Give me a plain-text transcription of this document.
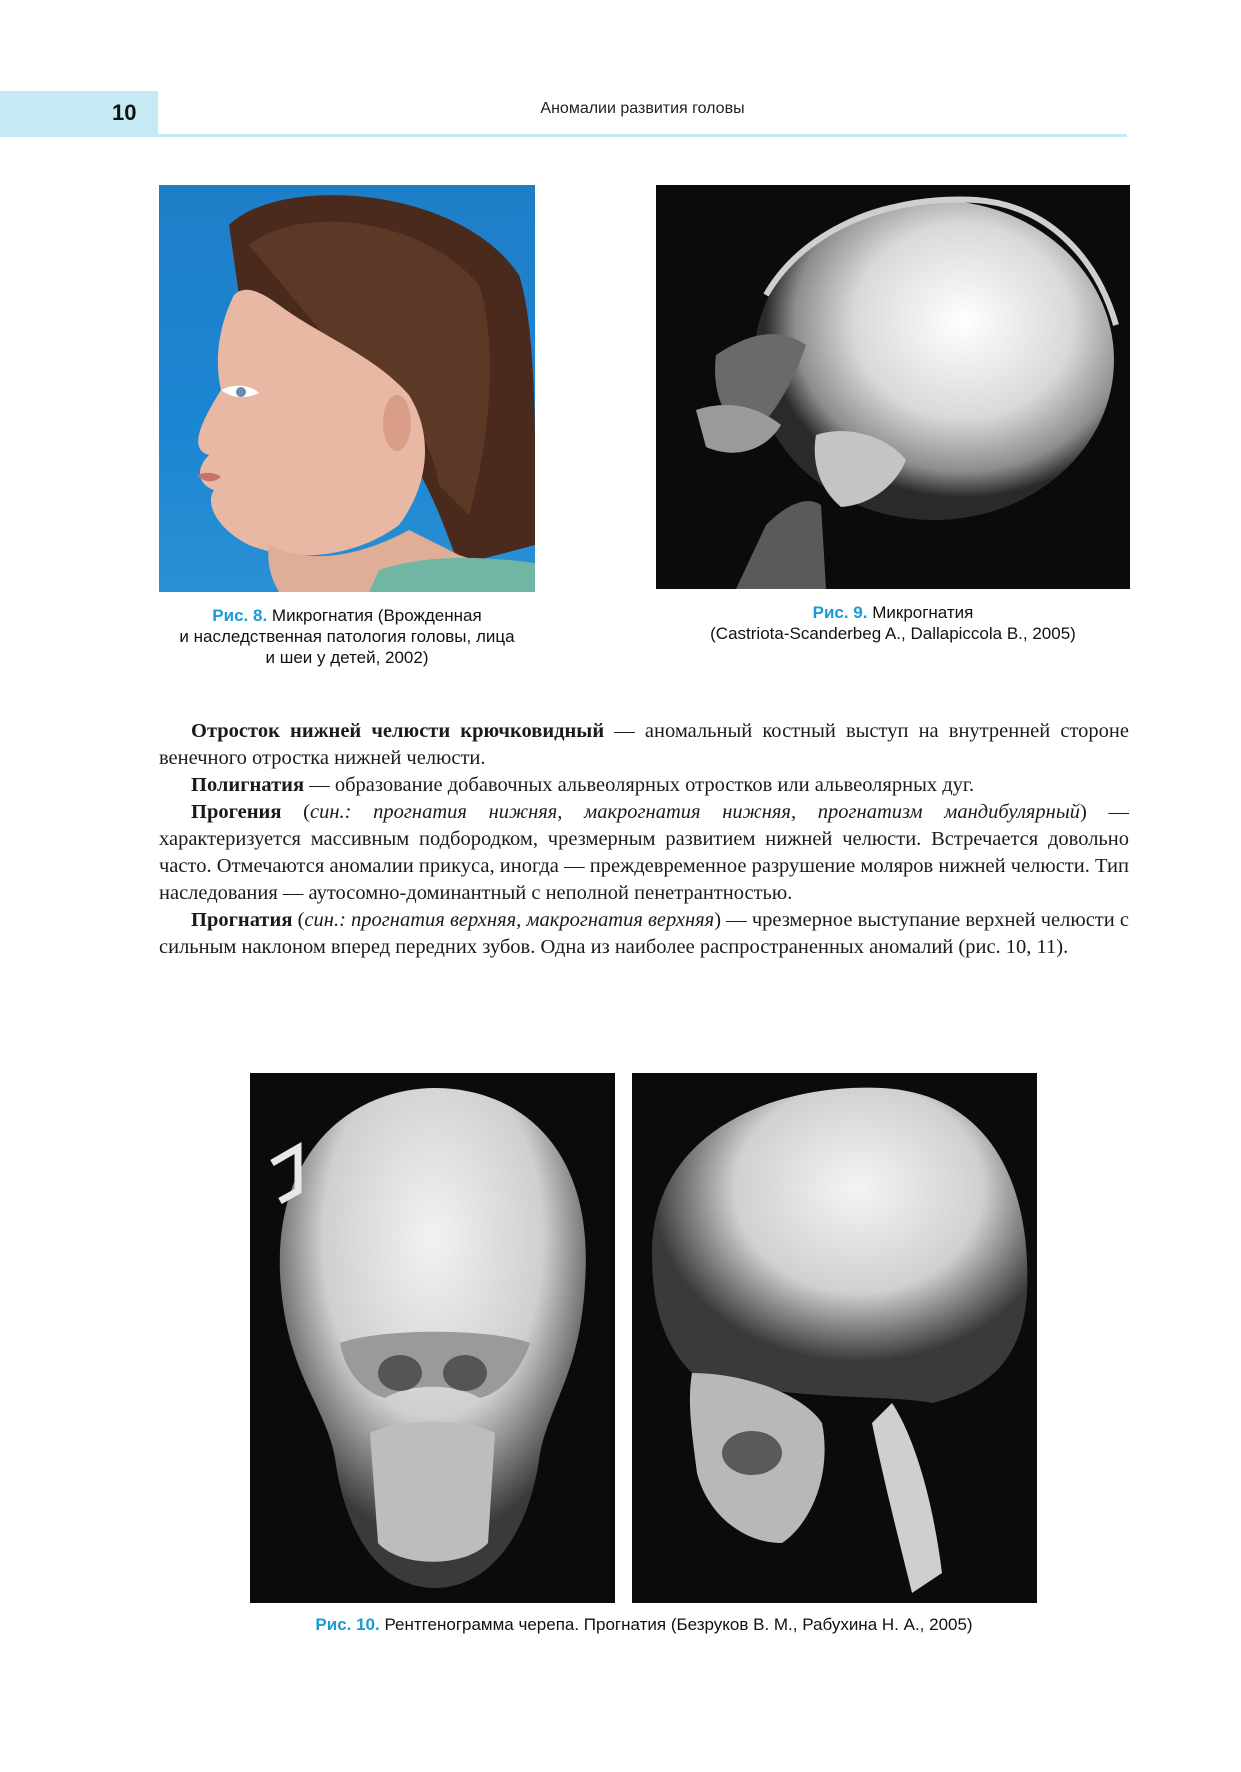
10	Аномалии развития головы
Рис. 8. Микрогнатия (Врожденная
и наследственная патология головы, лица
и шеи у детей, 2002)
Рис. 9. Микрогнатия
(Castriota-Scanderbeg A., Dallapiccola B., 2005)

Отросток нижней челюсти крючковидный — аномальный костный выступ на внутренней стороне венечного отростка нижней челюсти.

Полигнатия — образование добавочных альвеолярных отростков или альвеолярных дуг.

Прогения (син.: прогнатия нижняя, макрогнатия нижняя, прогнатизм мандибулярный) — характеризуется массивным подбородком, чрезмерным развитием нижней челюсти. Встречается довольно часто. Отмечаются аномалии прикуса, иногда — преждевременное разрушение моляров нижней челюсти. Тип наследования — аутосомно-доминантный с неполной пенетрантностью.

Прогнатия (син.: прогнатия верхняя, макрогнатия верхняя) — чрезмерное выступание верхней челюсти с сильным наклоном вперед передних зубов. Одна из наиболее распространенных аномалий (рис. 10, 11).

Рис. 10. Рентгенограмма черепа. Прогнатия (Безруков В. М., Рабухина Н. А., 2005)
